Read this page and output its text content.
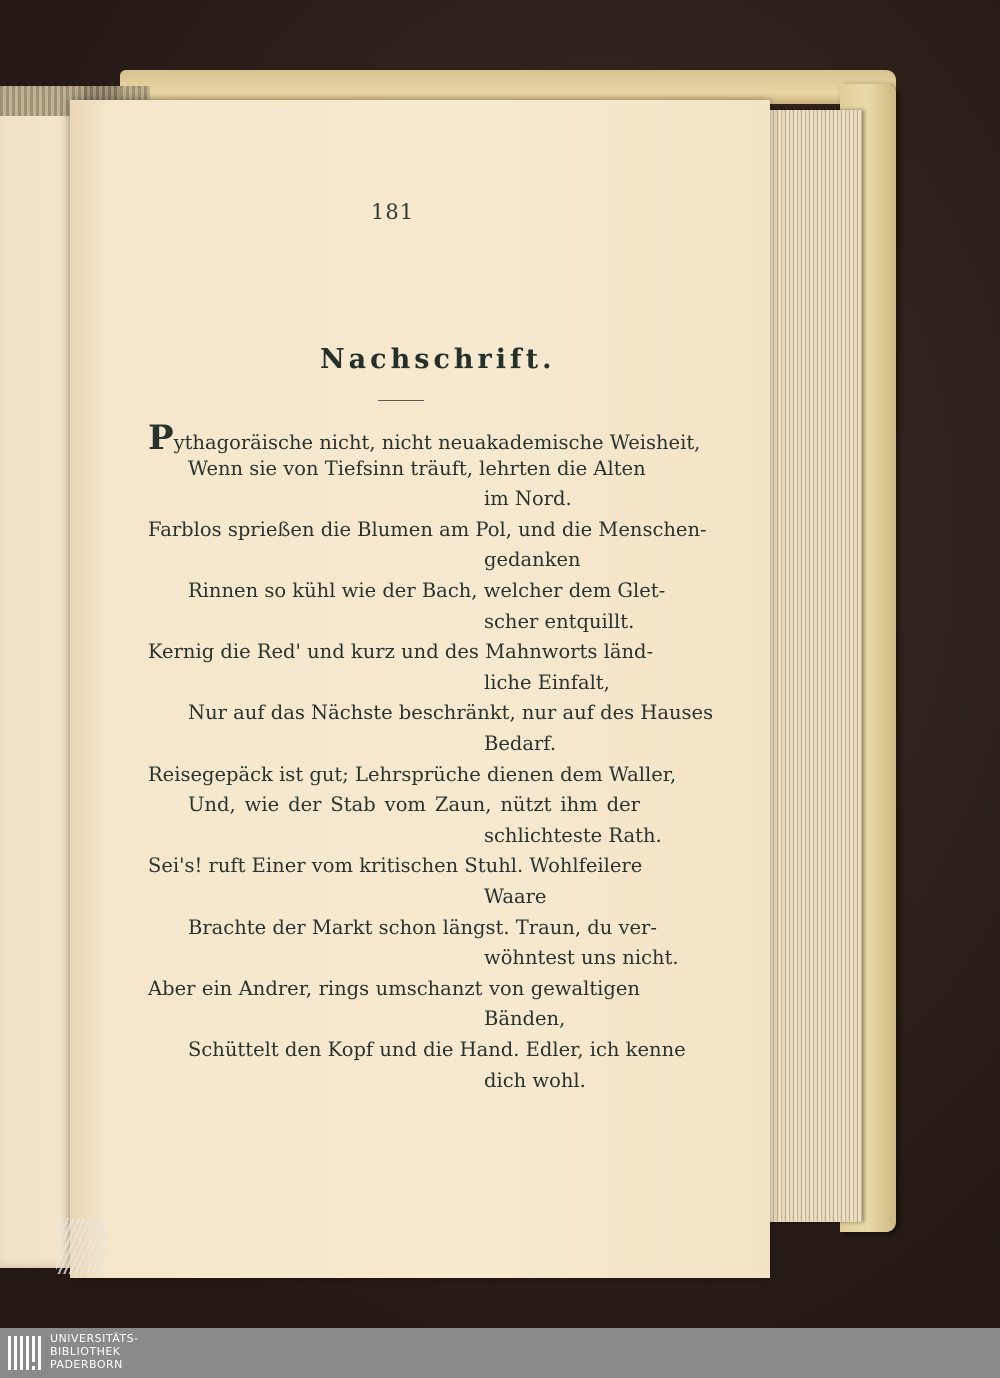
181
Nachschrift.
Pythagoräische nicht, nicht neuakademische Weisheit,
Wenn sie von Tiefsinn träuft, lehrten die Alten
im Nord.
Farblos sprießen die Blumen am Pol, und die Menschen-
gedanken
Rinnen so kühl wie der Bach, welcher dem Glet-
scher entquillt.
Kernig die Red' und kurz und des Mahnworts länd-
liche Einfalt,
Nur auf das Nächste beschränkt, nur auf des Hauses
Bedarf.
Reisegepäck ist gut; Lehrsprüche dienen dem Waller,
Und, wie der Stab vom Zaun, nützt ihm der
schlichteste Rath.
Sei's! ruft Einer vom kritischen Stuhl. Wohlfeilere
Waare
Brachte der Markt schon längst. Traun, du ver-
wöhntest uns nicht.
Aber ein Andrer, rings umschanzt von gewaltigen
Bänden,
Schüttelt den Kopf und die Hand. Edler, ich kenne
dich wohl.
UNIVERSITÄTS-
BIBLIOTHEK
PADERBORN
